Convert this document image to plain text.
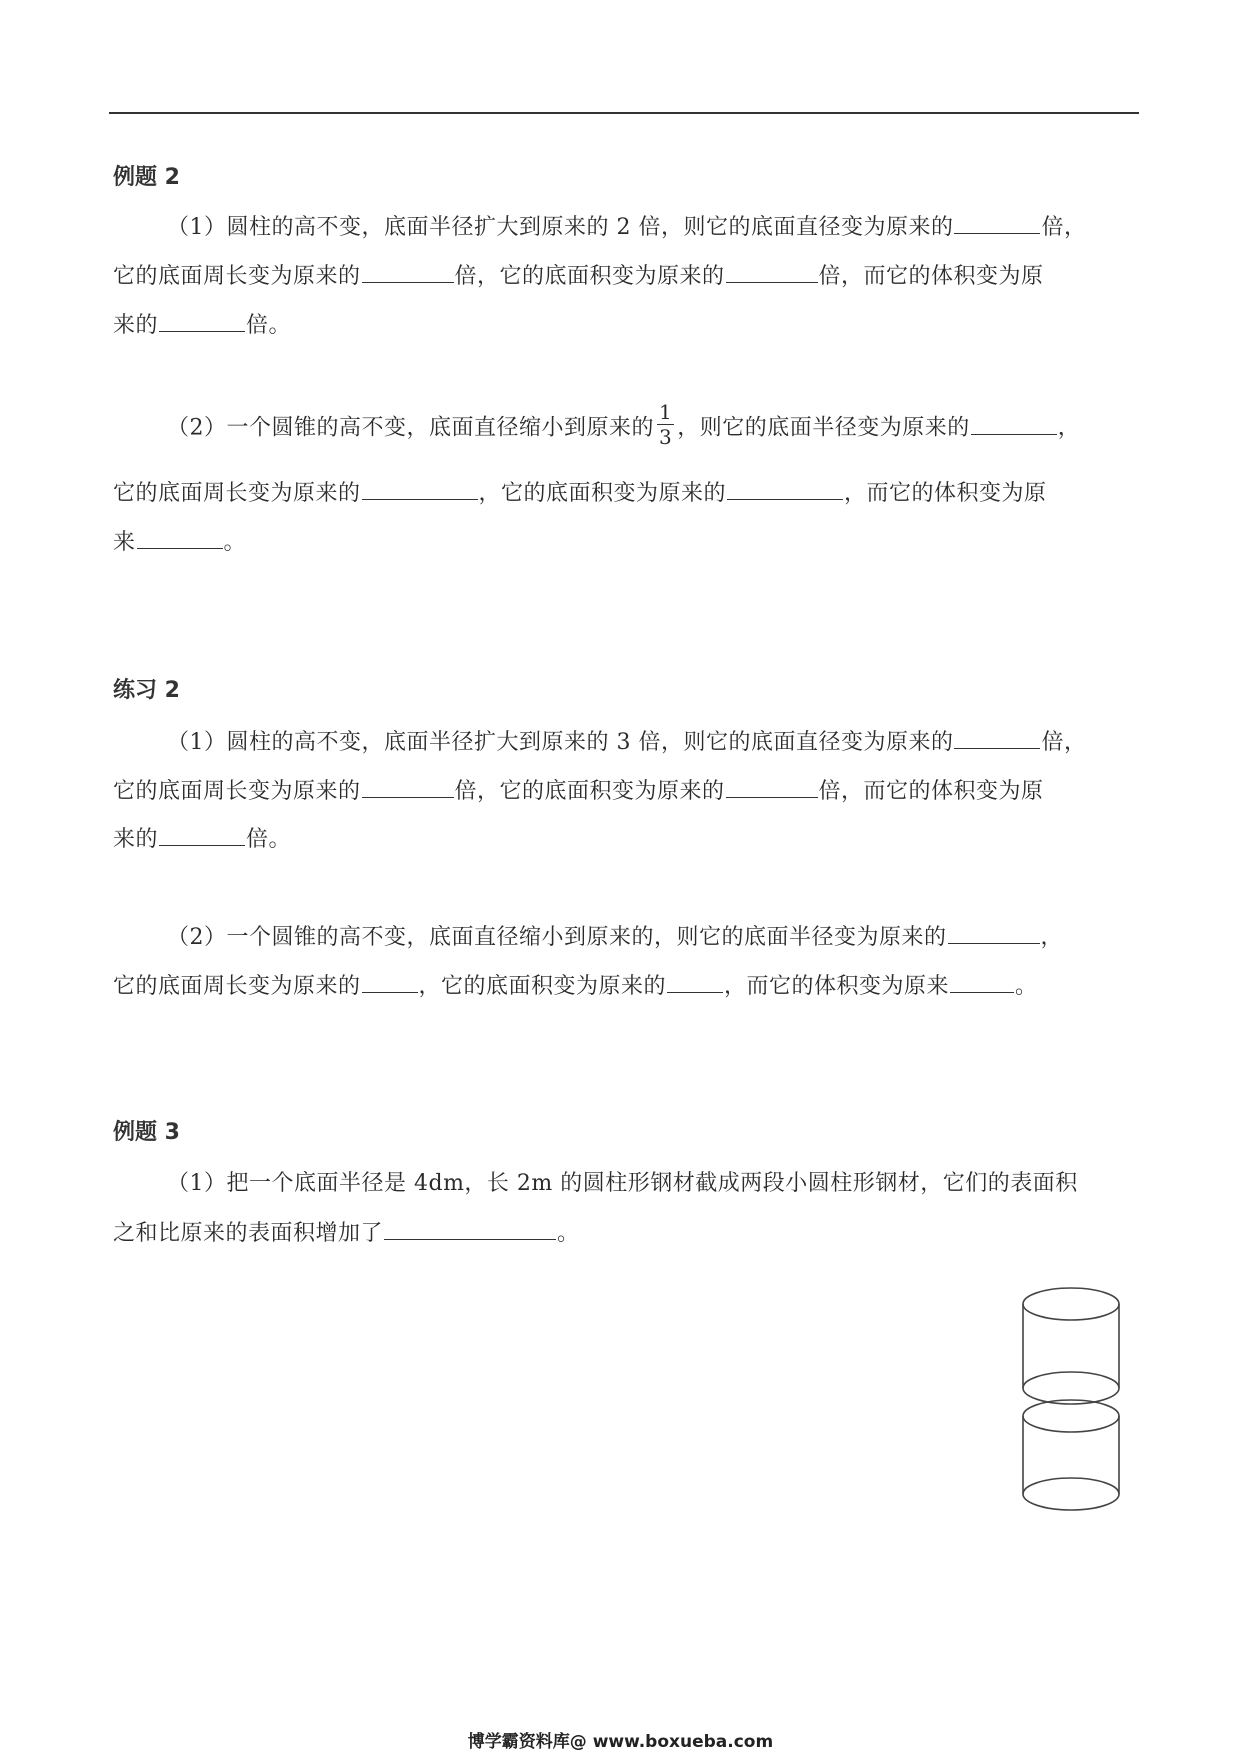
例题 2
（1）圆柱的高不变，底面半径扩大到原来的 2 倍，则它的底面直径变为原来的	倍，
它的底面周长变为原来的	倍，它的底面积变为原来的	倍，而它的体积变为原
来的	倍。
（2）一个圆锥的高不变，底面直径缩小到原来的 $\frac{1}{3}$ ，则它的底面半径变为原来的	，
它的底面周长变为原来的	，它的底面积变为原来的	，而它的体积变为原
来	。
练习 2
（1）圆柱的高不变，底面半径扩大到原来的 3 倍，则它的底面直径变为原来的	倍，
它的底面周长变为原来的	倍，它的底面积变为原来的	倍，而它的体积变为原
来的	倍。
（2）一个圆锥的高不变，底面直径缩小到原来的，则它的底面半径变为原来的	，
它的底面周长变为原来的	，它的底面积变为原来的	，而它的体积变为原来	。
例题 3
（1）把一个底面半径是 4dm，长 2m 的圆柱形钢材截成两段小圆柱形钢材，它们的表面积
之和比原来的表面积增加了	。
博学霸资料库@ www.boxueba.com
